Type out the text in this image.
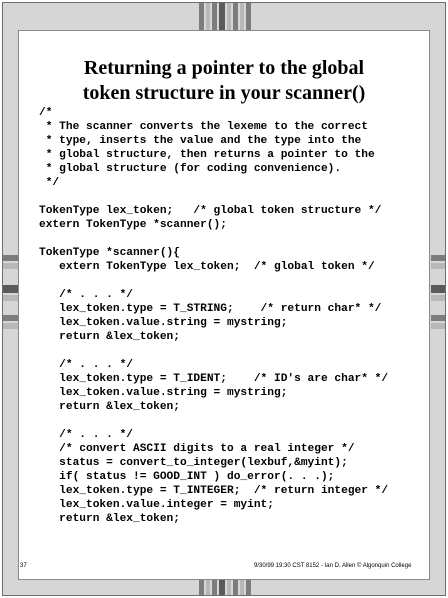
Returning a pointer to the global
token structure in your scanner()
/*
* The scanner converts the lexeme to the correct
* type, inserts the value and the type into the
* global structure, then returns a pointer to the
* global structure (for coding convenience).
*/

TokenType lex_token;   /* global token structure */
extern TokenType *scanner();

TokenType *scanner(){
extern TokenType lex_token;  /* global token */

/* . . . */
lex_token.type = T_STRING;    /* return char* */
lex_token.value.string = mystring;
return &lex_token;

/* . . . */
lex_token.type = T_IDENT;    /* ID's are char* */
lex_token.value.string = mystring;
return &lex_token;

/* . . . */
/* convert ASCII digits to a real integer */
status = convert_to_integer(lexbuf,&myint);
if( status != GOOD_INT ) do_error(. . .);
lex_token.type = T_INTEGER;  /* return integer */
lex_token.value.integer = myint;
return &lex_token;
37	9/30/99 19:30 CST 8152 - Ian D. Allen © Algonquin College
